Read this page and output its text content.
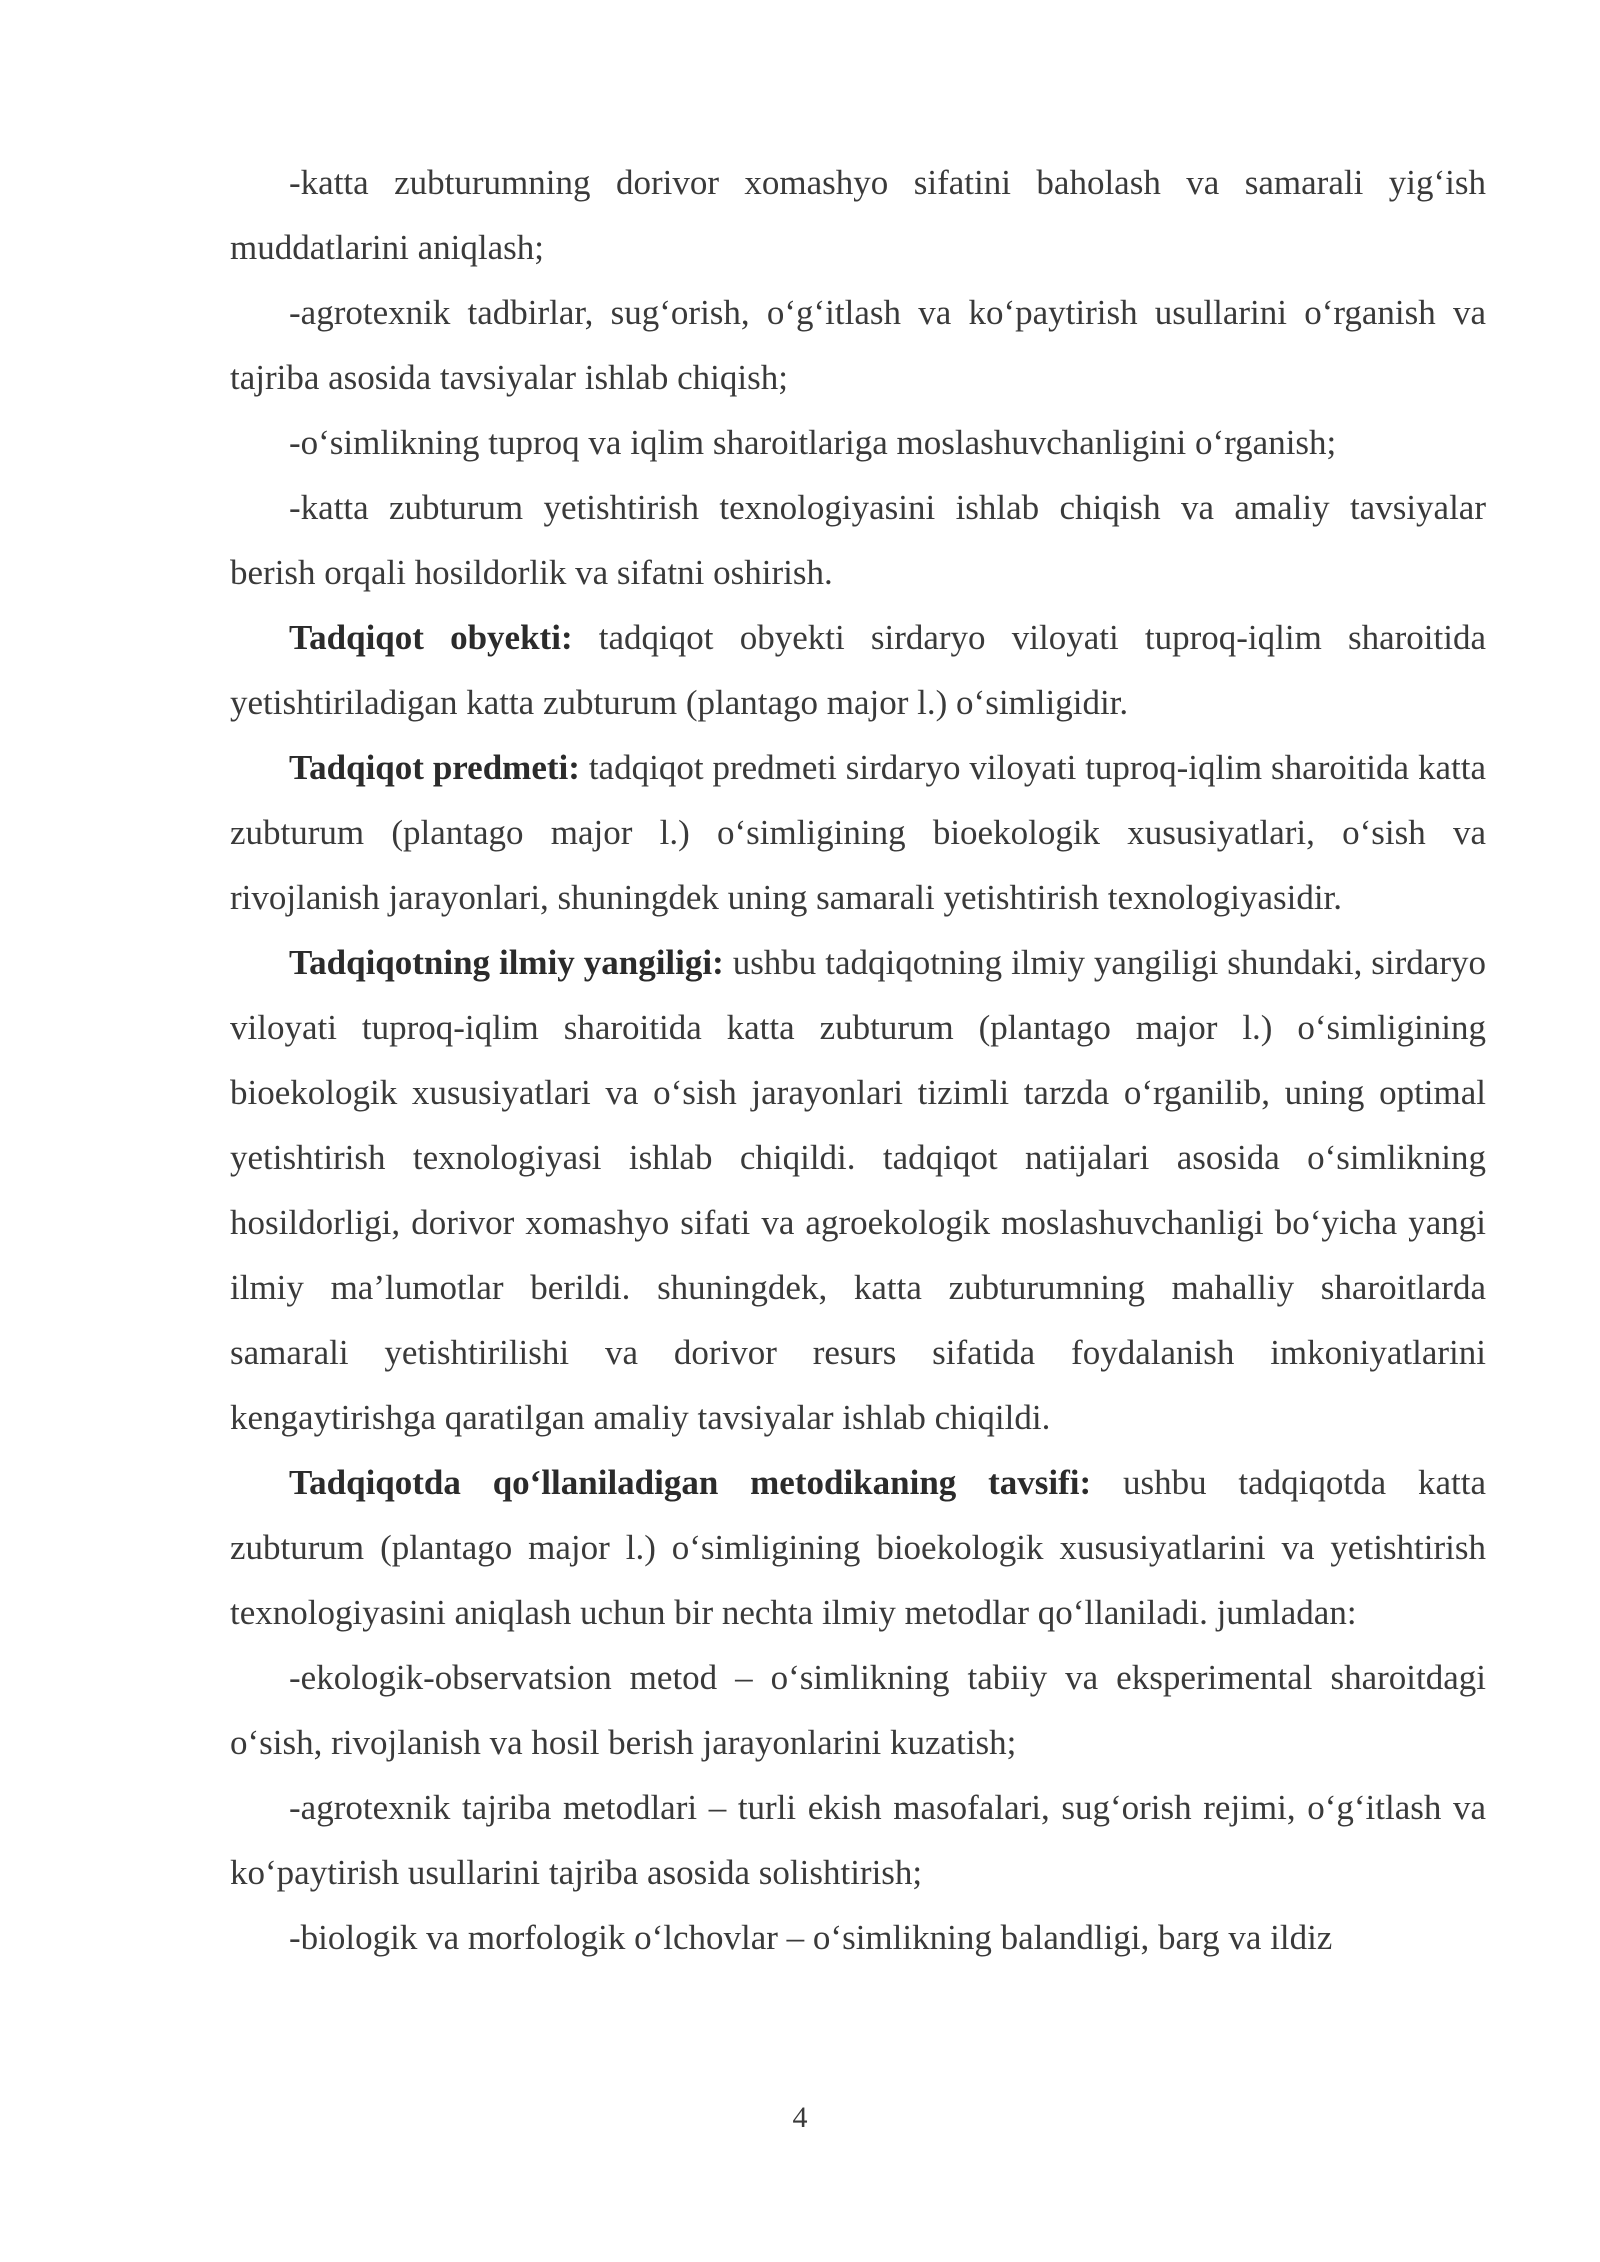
-katta zubturumning dorivor xomashyo sifatini baholash va samarali yig‘ish muddatlarini aniqlash;

-agrotexnik tadbirlar, sug‘orish, o‘g‘itlash va ko‘paytirish usullarini o‘rganish va tajriba asosida tavsiyalar ishlab chiqish;

-o‘simlikning tuproq va iqlim sharoitlariga moslashuvchanligini o‘rganish;

-katta zubturum yetishtirish texnologiyasini ishlab chiqish va amaliy tavsiyalar berish orqali hosildorlik va sifatni oshirish.

Tadqiqot obyekti: tadqiqot obyekti sirdaryo viloyati tuproq-iqlim sharoitida yetishtiriladigan katta zubturum (plantago major l.) o‘simligidir.

Tadqiqot predmeti: tadqiqot predmeti sirdaryo viloyati tuproq-iqlim sharoitida katta zubturum (plantago major l.) o‘simligining bioekologik xususiyatlari, o‘sish va rivojlanish jarayonlari, shuningdek uning samarali yetishtirish texnologiyasidir.

Tadqiqotning ilmiy yangiligi: ushbu tadqiqotning ilmiy yangiligi shundaki, sirdaryo viloyati tuproq-iqlim sharoitida katta zubturum (plantago major l.) o‘simligining bioekologik xususiyatlari va o‘sish jarayonlari tizimli tarzda o‘rganilib, uning optimal yetishtirish texnologiyasi ishlab chiqildi. tadqiqot natijalari asosida o‘simlikning hosildorligi, dorivor xomashyo sifati va agroekologik moslashuvchanligi bo‘yicha yangi ilmiy ma’lumotlar berildi. shuningdek, katta zubturumning mahalliy sharoitlarda samarali yetishtirilishi va dorivor resurs sifatida foydalanish imkoniyatlarini kengaytirishga qaratilgan amaliy tavsiyalar ishlab chiqildi.

Tadqiqotda qo‘llaniladigan metodikaning tavsifi: ushbu tadqiqotda katta zubturum (plantago major l.) o‘simligining bioekologik xususiyatlarini va yetishtirish texnologiyasini aniqlash uchun bir nechta ilmiy metodlar qo‘llaniladi. jumladan:

-ekologik-observatsion metod – o‘simlikning tabiiy va eksperimental sharoitdagi o‘sish, rivojlanish va hosil berish jarayonlarini kuzatish;

-agrotexnik tajriba metodlari – turli ekish masofalari, sug‘orish rejimi, o‘g‘itlash va ko‘paytirish usullarini tajriba asosida solishtirish;

-biologik va morfologik o‘lchovlar – o‘simlikning balandligi, barg va ildiz

4
